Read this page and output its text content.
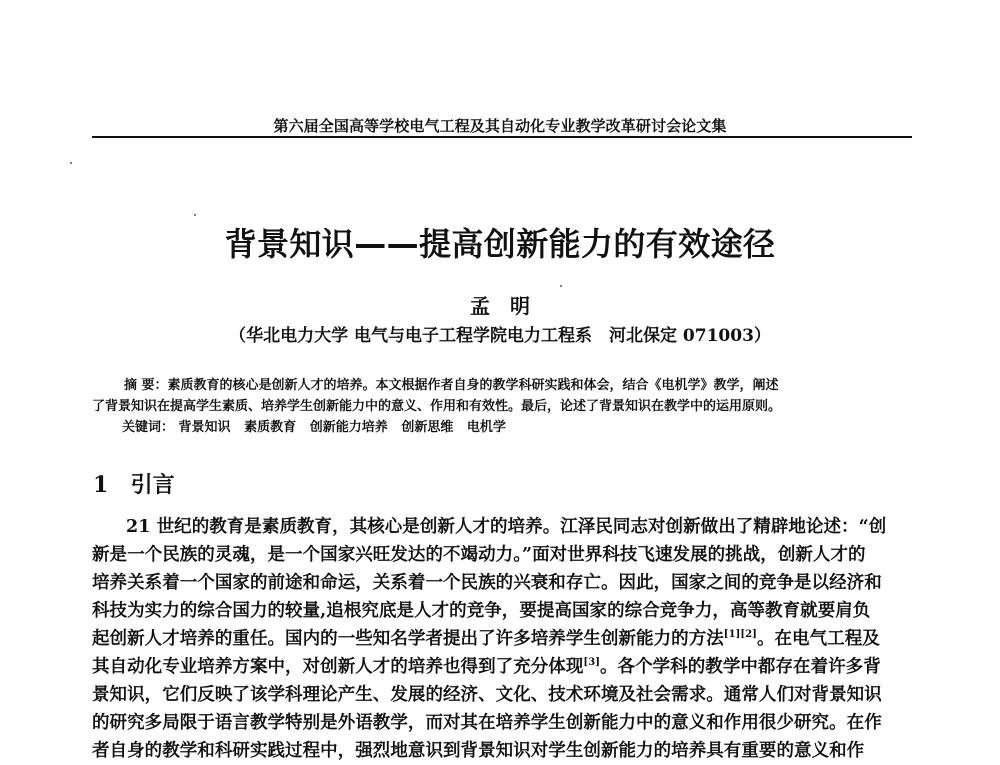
第六届全国高等学校电气工程及其自动化专业教学改革研讨会论文集
背景知识——提高创新能力的有效途径
孟　明
（华北电力大学 电气与电子工程学院电力工程系　河北保定 071003）
摘 要：素质教育的核心是创新人才的培养。本文根据作者自身的教学科研实践和体会，结合《电机学》教学，阐述
了背景知识在提高学生素质、培养学生创新能力中的意义、作用和有效性。最后，论述了背景知识在教学中的运用原则。
关键词： 背景知识 素质教育 创新能力培养 创新思维 电机学
1 引言
21 世纪的教育是素质教育，其核心是创新人才的培养。江泽民同志对创新做出了精辟地论述：“创
新是一个民族的灵魂，是一个国家兴旺发达的不竭动力。”面对世界科技飞速发展的挑战，创新人才的
培养关系着一个国家的前途和命运，关系着一个民族的兴衰和存亡。因此，国家之间的竞争是以经济和
科技为实力的综合国力的较量,追根究底是人才的竞争，要提高国家的综合竞争力，高等教育就要肩负
起创新人才培养的重任。国内的一些知名学者提出了许多培养学生创新能力的方法[1][2]。在电气工程及
其自动化专业培养方案中，对创新人才的培养也得到了充分体现[3]。各个学科的教学中都存在着许多背
景知识，它们反映了该学科理论产生、发展的经济、文化、技术环境及社会需求。通常人们对背景知识
的研究多局限于语言教学特别是外语教学，而对其在培养学生创新能力中的意义和作用很少研究。在作
者自身的教学和科研实践过程中，强烈地意识到背景知识对学生创新能力的培养具有重要的意义和作
